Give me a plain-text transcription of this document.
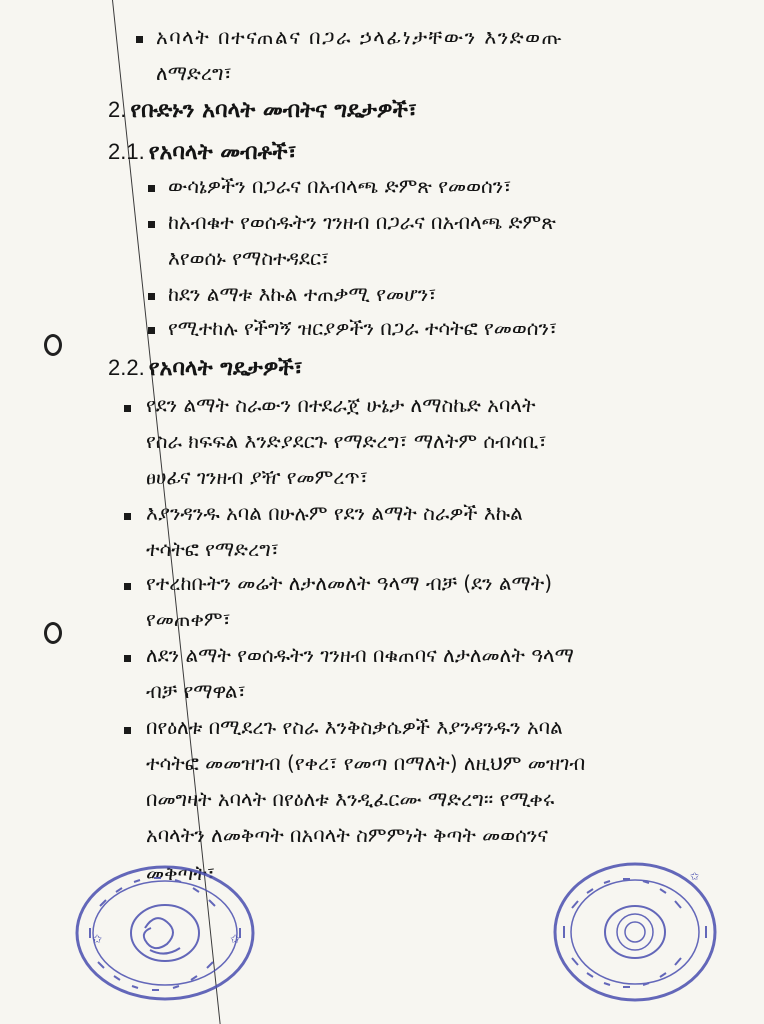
አባላት በተናጠልና በጋራ ኃላፊነታቸውን እንድወጡ
ለማድረግ፣
2. የቡድኑን አባላት መብትና ግዴታዎች፣
2.1. የአባላት መብቶች፣
ውሳኔዎችን በጋራና በአብላጫ ድምጽ የመወሰን፣
ከአብቁተ የወሰዱትን ገንዘብ በጋራና በአብላጫ ድምጽ
እየወሰኑ የማስተዳደር፣
ከደን ልማቱ እኩል ተጠቃሚ የመሆን፣
የሚተከሉ የችግኝ ዝርያዎችን በጋራ ተሳትፎ የመወሰን፣
2.2. የአባላት ግዴታዎች፣
የደን ልማት ስራውን በተደራጀ ሁኔታ ለማስኬድ አባላት
የስራ ክፍፍል እንድያደርጉ የማድረግ፣ ማለትም ሰብሳቢ፣
ፀሀፊና ገንዘብ ያዥ የመምረጥ፣
እያንዳንዱ አባል በሁሉም የደን ልማት ስራዎች እኩል
ተሳትፎ የማድረግ፣
የተረከቡትን መሬት ለታለመለት ዓላማ ብቻ (ደን ልማት)
የመጠቀም፣
ለደን ልማት የወሰዱትን ገንዘብ በቁጠባና ለታለመለት ዓላማ
ብቻ የማዋል፣
በየዕለቱ በሚደረጉ የስራ እንቅስቃሴዎች እያንዳንዱን አባል
ተሳትፎ መመዝገብ (የቀረ፣ የመጣ በማለት) ለዚህም መዝገብ
በመግዛት አባላት በየዕለቱ እንዲፈርሙ ማድረግ፡፡ የሚቀሩ
አባላትን ለመቅጣት በአባላት ስምምነት ቅጣት መወሰንና
መቅጣት፣
✩	✩
✩
